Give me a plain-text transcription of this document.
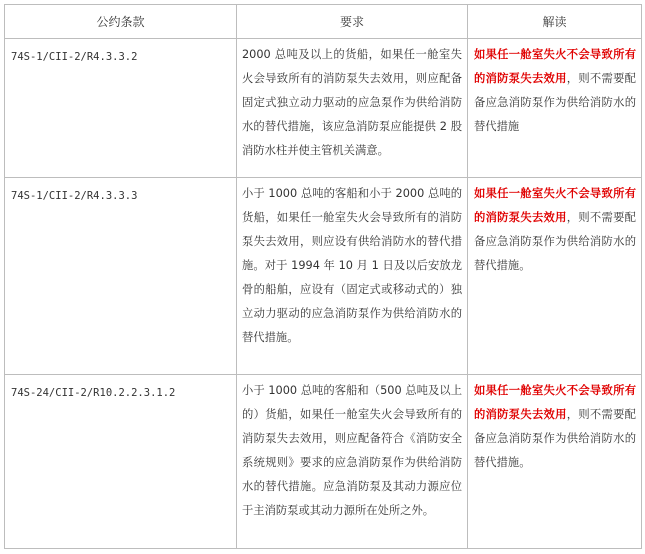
公约条款	要求	解读

74S-1/CII-2/R4.3.3.2	2000 总吨及以上的货船，如果任一舱室失火会导致所有的消防泵失去效用，则应配备固定式独立动力驱动的应急泵作为供给消防水的替代措施，该应急消防泵应能提供 2 股消防水柱并使主管机关满意。	如果任一舱室失火不会导致所有的消防泵失去效用，则不需要配备应急消防泵作为供给消防水的替代措施

74S-1/CII-2/R4.3.3.3	小于 1000 总吨的客船和小于 2000 总吨的货船，如果任一舱室失火会导致所有的消防泵失去效用，则应设有供给消防水的替代措施。对于 1994 年 10 月 1 日及以后安放龙骨的船舶，应设有（固定式或移动式的）独立动力驱动的应急消防泵作为供给消防水的替代措施。	如果任一舱室失火不会导致所有的消防泵失去效用，则不需要配备应急消防泵作为供给消防水的替代措施。

74S-24/CII-2/R10.2.2.3.1.2	小于 1000 总吨的客船和（500 总吨及以上的）货船，如果任一舱室失火会导致所有的消防泵失去效用，则应配备符合《消防安全系统规则》要求的应急消防泵作为供给消防水的替代措施。应急消防泵及其动力源应位于主消防泵或其动力源所在处所之外。	如果任一舱室失火不会导致所有的消防泵失去效用，则不需要配备应急消防泵作为供给消防水的替代措施。
